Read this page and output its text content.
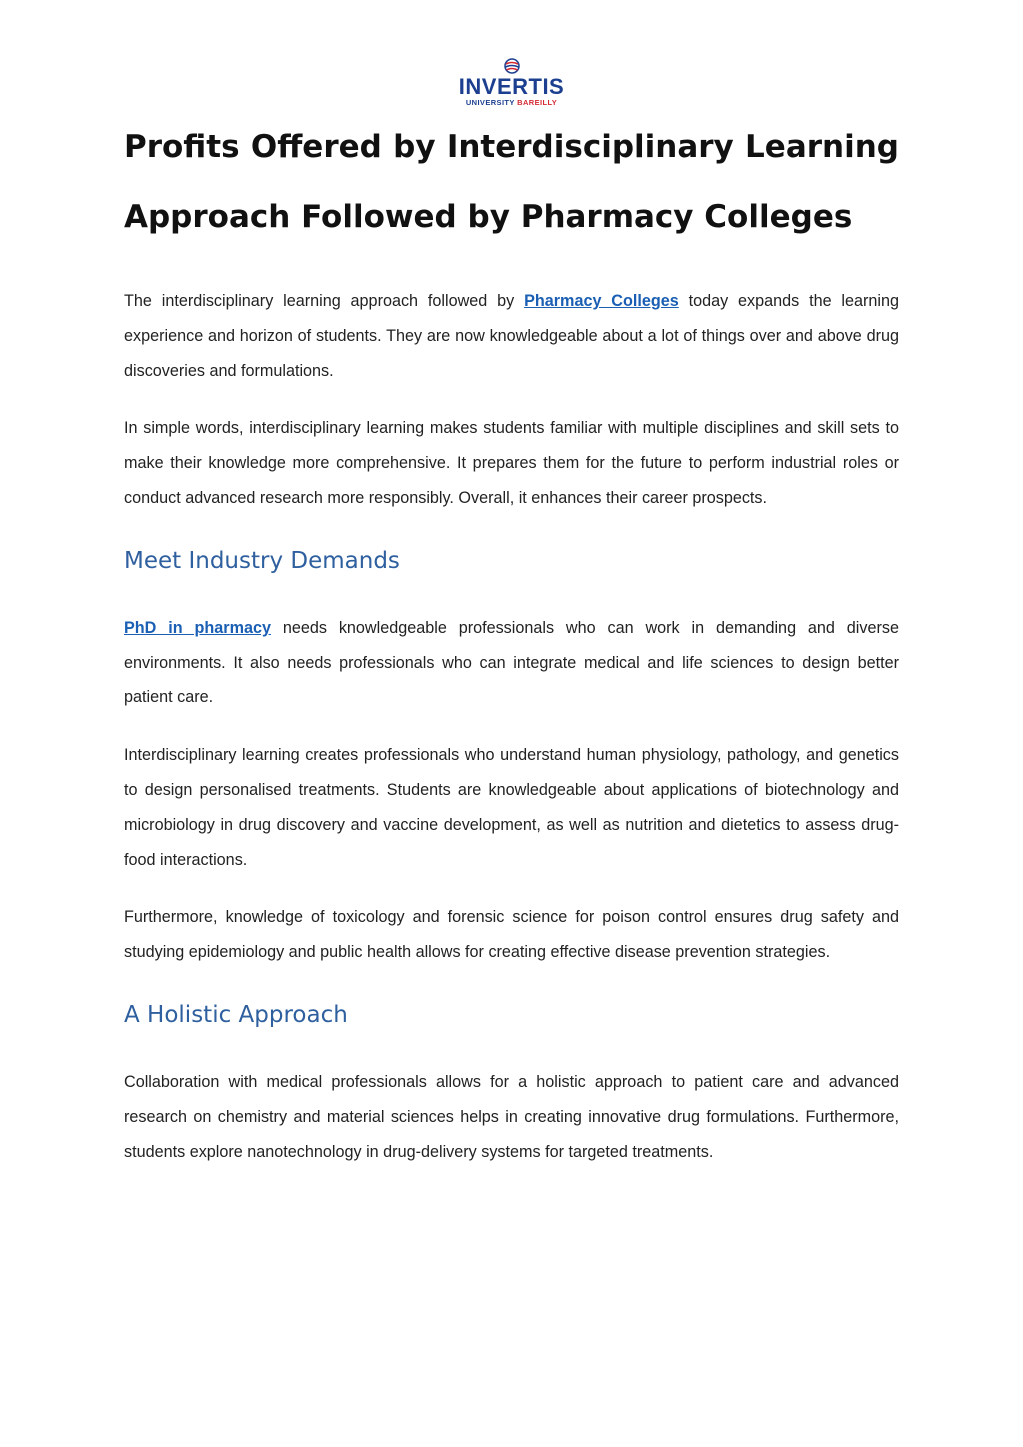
INVERTIS
UNIVERSITY BAREILLY
Profits Offered by Interdisciplinary Learning
Approach Followed by Pharmacy Colleges

The interdisciplinary learning approach followed by Pharmacy Colleges today expands the learning experience and horizon of students. They are now knowledgeable about a lot of things over and above drug discoveries and formulations.

In simple words, interdisciplinary learning makes students familiar with multiple disciplines and skill sets to make their knowledge more comprehensive. It prepares them for the future to perform industrial roles or conduct advanced research more responsibly. Overall, it enhances their career prospects.

Meet Industry Demands

PhD in pharmacy needs knowledgeable professionals who can work in demanding and diverse environments. It also needs professionals who can integrate medical and life sciences to design better patient care.

Interdisciplinary learning creates professionals who understand human physiology, pathology, and genetics to design personalised treatments. Students are knowledgeable about applications of biotechnology and microbiology in drug discovery and vaccine development, as well as nutrition and dietetics to assess drug-food interactions.

Furthermore, knowledge of toxicology and forensic science for poison control ensures drug safety and studying epidemiology and public health allows for creating effective disease prevention strategies.

A Holistic Approach

Collaboration with medical professionals allows for a holistic approach to patient care and advanced research on chemistry and material sciences helps in creating innovative drug formulations. Furthermore, students explore nanotechnology in drug-delivery systems for targeted treatments.
